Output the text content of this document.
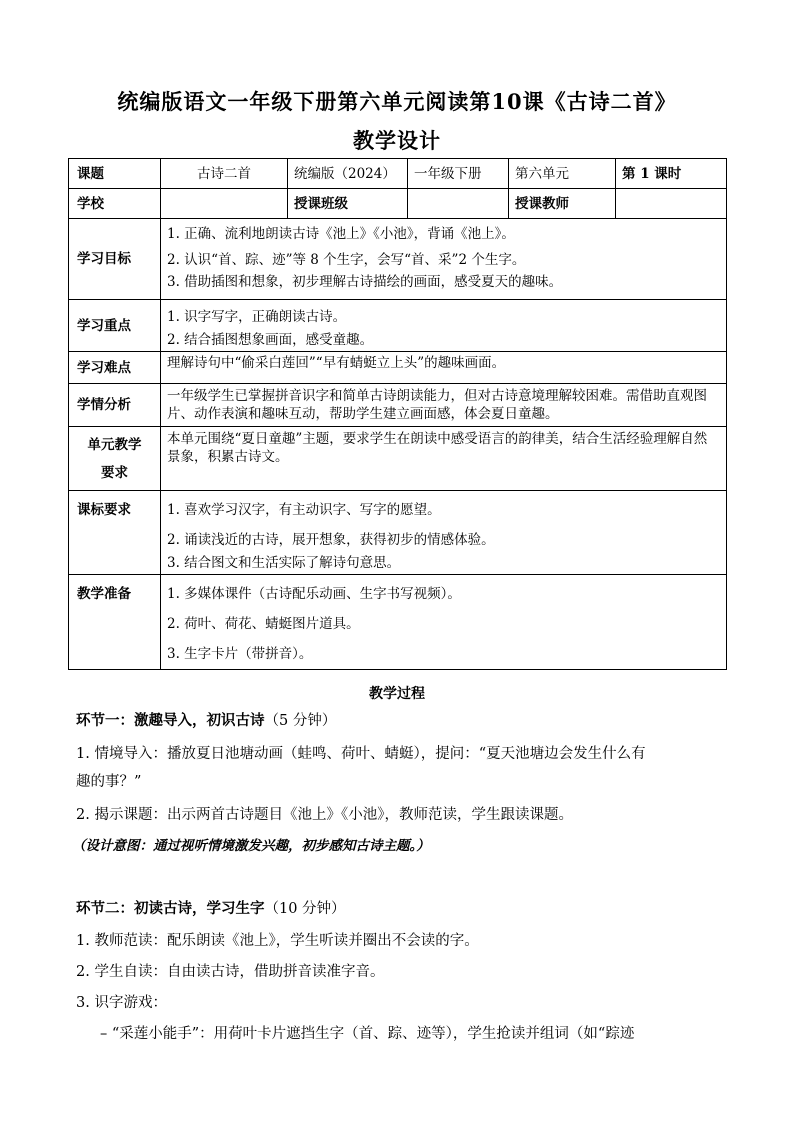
统编版语文一年级下册第六单元阅读第10课《古诗二首》
教学设计
课题	古诗二首	统编版（2024）	一年级下册	第六单元	第 1 课时
学校		授课班级		授课教师	
学习目标	1. 正确、流利地朗读古诗《池上》《小池》，背诵《池上》。
2. 认识“首、踪、迹”等 8 个生字，会写“首、采”2 个生字。
3. 借助插图和想象，初步理解古诗描绘的画面，感受夏天的趣味。				

学习重点	1. 识字写字，正确朗读古诗。
2. 结合插图想象画面，感受童趣。				

学习难点	理解诗句中“偷采白莲回”“早有蜻蜓立上头”的趣味画面。				
学情分析	一年级学生已掌握拼音识字和简单古诗朗读能力，但对古诗意境理解较困难。需借助直观图片、动作表演和趣味互动，帮助学生建立画面感，体会夏日童趣。				

单元教学
要求	本单元围绕“夏日童趣”主题，要求学生在朗读中感受语言的韵律美，结合生活经验理解自然景象，积累古诗文。				
课标要求	1. 喜欢学习汉字，有主动识字、写字的愿望。
2. 诵读浅近的古诗，展开想象，获得初步的情感体验。
3. 结合图文和生活实际了解诗句意思。				

教学准备	1. 多媒体课件（古诗配乐动画、生字书写视频）。
2. 荷叶、荷花、蜻蜓图片道具。
3. 生字卡片（带拼音）。				
教学过程
环节一：激趣导入，初识古诗（5 分钟）
1. 情境导入：播放夏日池塘动画（蛙鸣、荷叶、蜻蜓），提问：“夏天池塘边会发生什么有
趣的事？”
2. 揭示课题：出示两首古诗题目《池上》《小池》，教师范读，学生跟读课题。
（设计意图：通过视听情境激发兴趣，初步感知古诗主题。）
环节二：初读古诗，学习生字（10 分钟）
1. 教师范读：配乐朗读《池上》，学生听读并圈出不会读的字。
2. 学生自读：自由读古诗，借助拼音读准字音。
3. 识字游戏：
– “采莲小能手”：用荷叶卡片遮挡生字（首、踪、迹等），学生抢读并组词（如“踪迹
